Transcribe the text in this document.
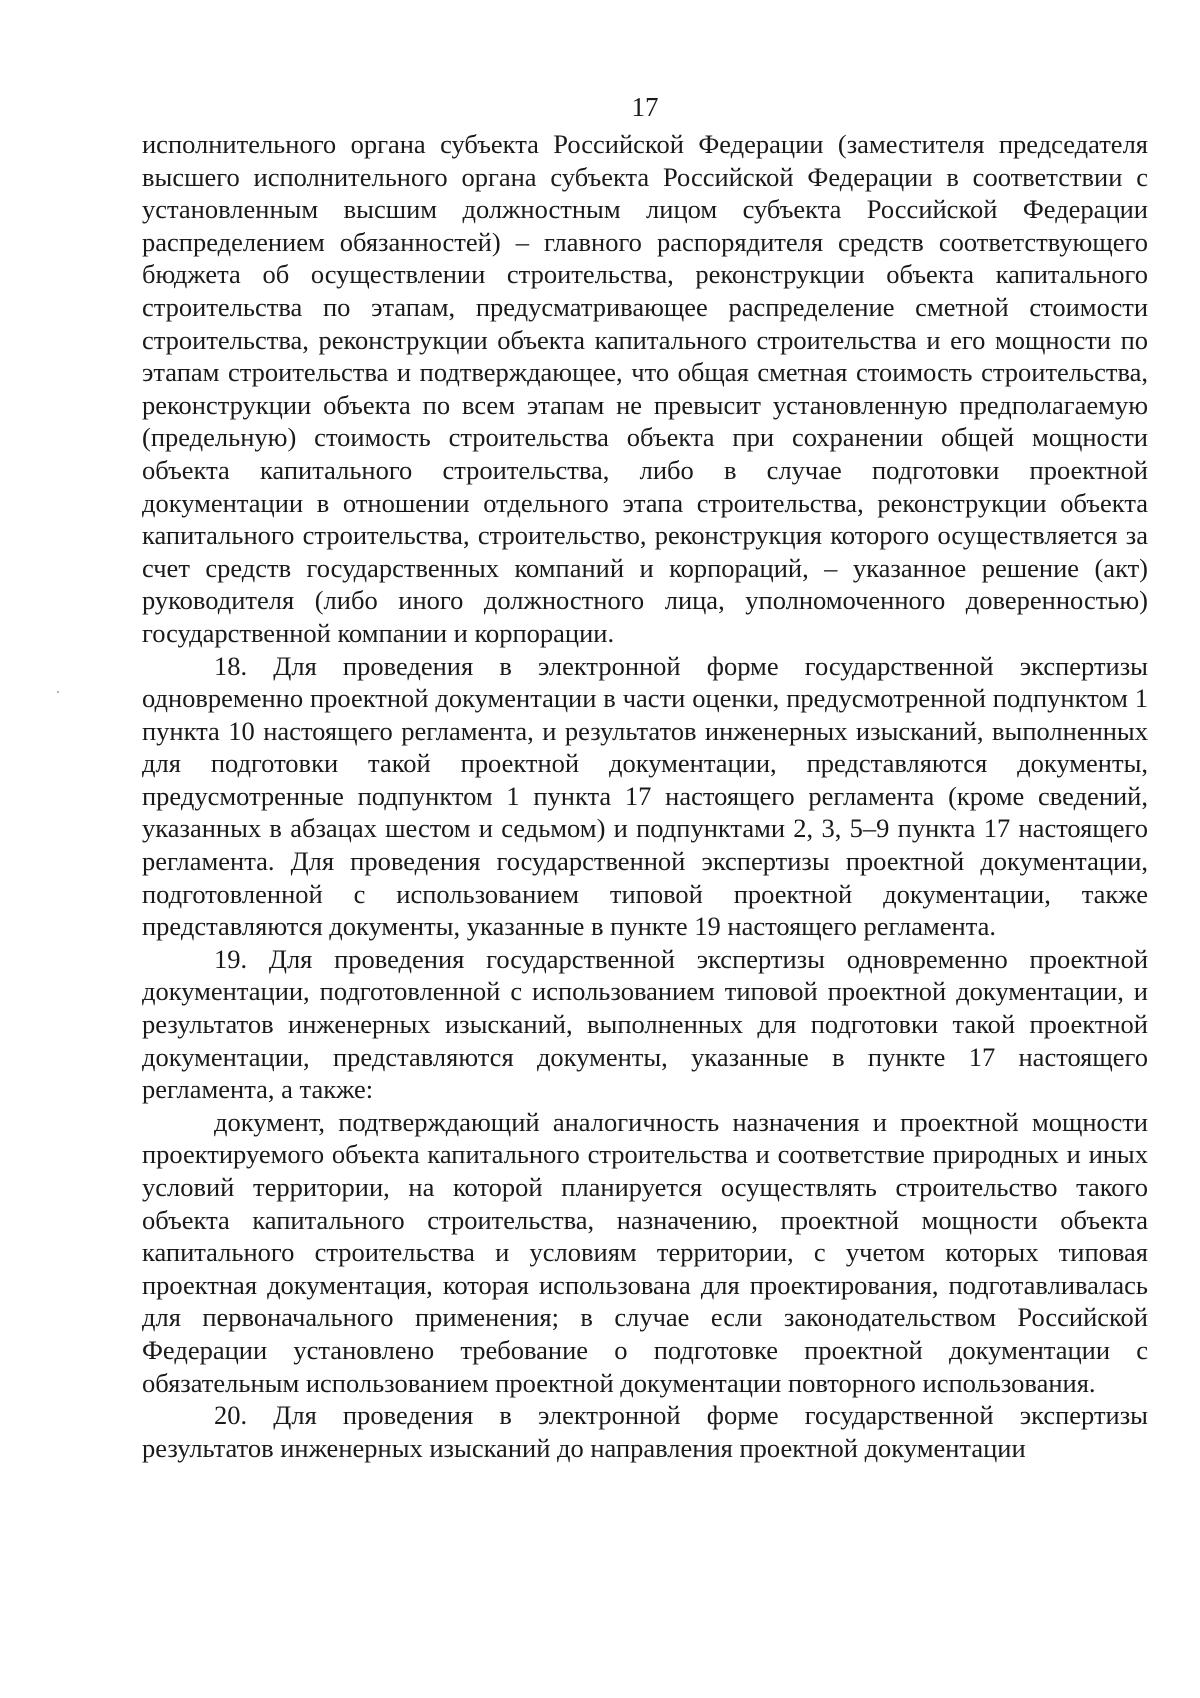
17

исполнительного органа субъекта Российской Федерации (заместителя председателя высшего исполнительного органа субъекта Российской Федерации в соответствии с установленным высшим должностным лицом субъекта Российской Федерации распределением обязанностей) – главного распорядителя средств соответствующего бюджета об осуществлении строительства, реконструкции объекта капитального строительства по этапам, предусматривающее распределение сметной стоимости строительства, реконструкции объекта капитального строительства и его мощности по этапам строительства и подтверждающее, что общая сметная стоимость строительства, реконструкции объекта по всем этапам не превысит установленную предполагаемую (предельную) стоимость строительства объекта при сохранении общей мощности объекта капитального строительства, либо в случае подготовки проектной документации в отношении отдельного этапа строительства, реконструкции объекта капитального строительства, строительство, реконструкция которого осуществляется за счет средств государственных компаний и корпораций, – указанное решение (акт) руководителя (либо иного должностного лица, уполномоченного доверенностью) государственной компании и корпорации.

18. Для проведения в электронной форме государственной экспертизы одновременно проектной документации в части оценки, предусмотренной подпунктом 1 пункта 10 настоящего регламента, и результатов инженерных изысканий, выполненных для подготовки такой проектной документации, представляются документы, предусмотренные подпунктом 1 пункта 17 настоящего регламента (кроме сведений, указанных в абзацах шестом и седьмом) и подпунктами 2, 3, 5–9 пункта 17 настоящего регламента. Для проведения государственной экспертизы проектной документации, подготовленной с использованием типовой проектной документации, также представляются документы, указанные в пункте 19 настоящего регламента.

19. Для проведения государственной экспертизы одновременно проектной документации, подготовленной с использованием типовой проектной документации, и результатов инженерных изысканий, выполненных для подготовки такой проектной документации, представляются документы, указанные в пункте 17 настоящего регламента, а также:

документ, подтверждающий аналогичность назначения и проектной мощности проектируемого объекта капитального строительства и соответствие природных и иных условий территории, на которой планируется осуществлять строительство такого объекта капитального строительства, назначению, проектной мощности объекта капитального строительства и условиям территории, с учетом которых типовая проектная документация, которая использована для проектирования, подготавливалась для первоначального применения; в случае если законодательством Российской Федерации установлено требование о подготовке проектной документации с обязательным использованием проектной документации повторного использования.

20. Для проведения в электронной форме государственной экспертизы результатов инженерных изысканий до направления проектной документации
